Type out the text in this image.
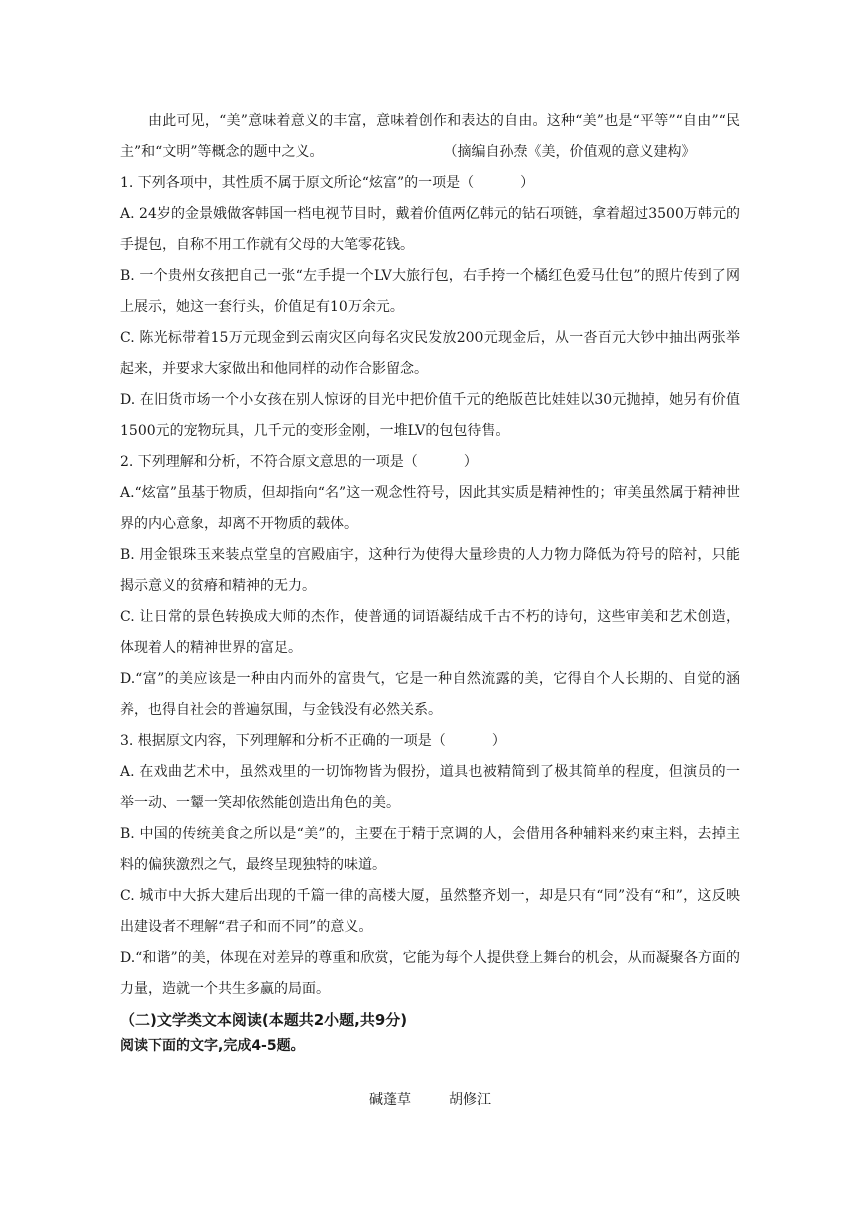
由此可见，“美”意味着意义的丰富，意味着创作和表达的自由。这种“美”也是“平等”“自由”“民主”和“文明”等概念的题中之义。	（摘编自孙焘《美，价值观的意义建构》
1. 下列各项中，其性质不属于原文所论“炫富”的一项是（	）
A. 24岁的金景娥做客韩国一档电视节目时，戴着价值两亿韩元的钻石项链，拿着超过3500万韩元的手提包，自称不用工作就有父母的大笔零花钱。
B. 一个贵州女孩把自己一张“左手提一个LV大旅行包，右手挎一个橘红色爱马仕包”的照片传到了网上展示，她这一套行头，价值足有10万余元。
C. 陈光标带着15万元现金到云南灾区向每名灾民发放200元现金后，从一沓百元大钞中抽出两张举起来，并要求大家做出和他同样的动作合影留念。
D. 在旧货市场一个小女孩在别人惊讶的目光中把价值千元的绝版芭比娃娃以30元抛掉，她另有价值1500元的宠物玩具，几千元的变形金刚，一堆LV的包包待售。
2. 下列理解和分析，不符合原文意思的一项是（	）
A.“炫富”虽基于物质，但却指向“名”这一观念性符号，因此其实质是精神性的；审美虽然属于精神世界的内心意象，却离不开物质的载体。
B. 用金银珠玉来装点堂皇的宫殿庙宇，这种行为使得大量珍贵的人力物力降低为符号的陪衬，只能揭示意义的贫瘠和精神的无力。
C. 让日常的景色转换成大师的杰作，使普通的词语凝结成千古不朽的诗句，这些审美和艺术创造，体现着人的精神世界的富足。
D.“富”的美应该是一种由内而外的富贵气，它是一种自然流露的美，它得自个人长期的、自觉的涵养，也得自社会的普遍氛围，与金钱没有必然关系。
3. 根据原文内容，下列理解和分析不正确的一项是（	）
A. 在戏曲艺术中，虽然戏里的一切饰物皆为假扮，道具也被精简到了极其简单的程度，但演员的一举一动、一颦一笑却依然能创造出角色的美。
B. 中国的传统美食之所以是“美”的，主要在于精于烹调的人，会借用各种辅料来约束主料，去掉主料的偏狭激烈之气，最终呈现独特的味道。
C. 城市中大拆大建后出现的千篇一律的高楼大厦，虽然整齐划一，却是只有“同”没有“和”，这反映出建设者不理解“君子和而不同”的意义。
D.“和谐”的美，体现在对差异的尊重和欣赏，它能为每个人提供登上舞台的机会，从而凝聚各方面的力量，造就一个共生多赢的局面。
（二)文学类文本阅读(本题共2小题,共9分)
阅读下面的文字,完成4-5题。
碱蓬草	胡修江
